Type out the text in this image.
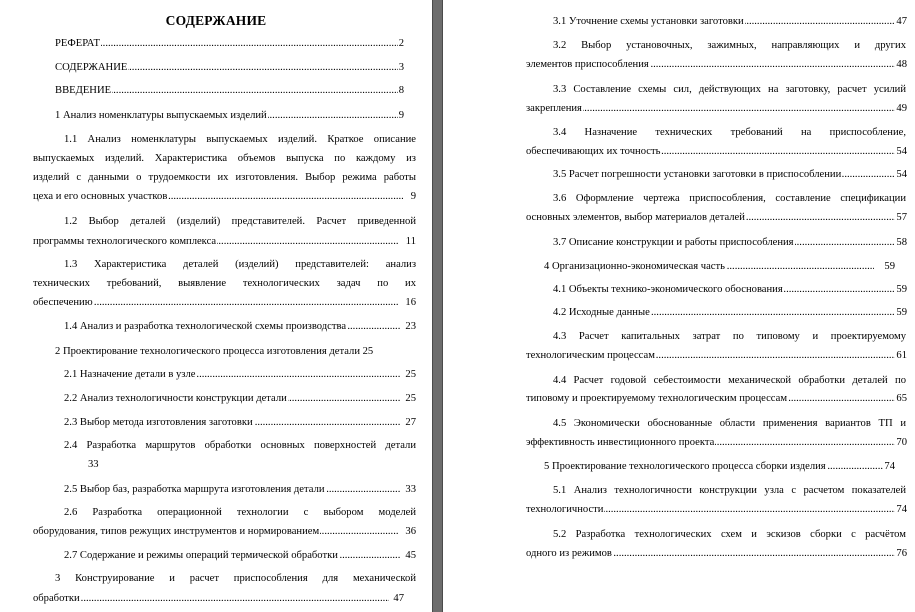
СОДЕРЖАНИЕ
.....
РЕФЕРАТ	2
.....
СОДЕРЖАНИЕ	3
.....
ВВЕДЕНИЕ	8
.....
1 Анализ номенклатуры выпускаемых изделий	9
1.1 Анализ номенклатуры выпускаемых изделий. Краткое описание
выпускаемых изделий. Характеристика объемов выпуска по каждому из
изделий с данными о трудоемкости их изготовления. Выбор режима работы
.....
цеха и его основных участков	9
1.2 Выбор деталей (изделий) представителей. Расчет приведенной
.....
программы технологического комплекса	11
1.3 Характеристика деталей (изделий) представителей: анализ
технических требований, выявление технологических задач по их
.....
обеспечению	16
.....
1.4 Анализ и разработка технологической схемы производства	23
2 Проектирование технологического процесса изготовления детали 25
.....
2.1 Назначение детали в узле	25
.....
2.2 Анализ технологичности конструкции детали	25
.....
2.3 Выбор метода изготовления заготовки	27
2.4 Разработка маршрутов обработки основных поверхностей детали
33
.....
2.5 Выбор баз, разработка маршрута изготовления детали	33
2.6 Разработка операционной технологии с выбором моделей
.....
оборудования, типов режущих инструментов и нормированием	36
.....
2.7 Содержание и режимы операций термической обработки	45
3 Конструирование и расчет приспособления для механической
.....
обработки	47
.....
3.1 Уточнение схемы установки заготовки	47
3.2 Выбор установочных, зажимных, направляющих и других
.....
элементов приспособления	48
3.3 Составление схемы сил, действующих на заготовку, расчет усилий
.....
закрепления	49
3.4 Назначение технических требований на приспособление,
.....
обеспечивающих их точность	54
.....
3.5 Расчет погрешности установки заготовки в приспособлении	54
3.6 Оформление чертежа приспособления, составление спецификации
.....
основных элементов, выбор материалов деталей	57
.....
3.7 Описание конструкции и работы приспособления	58
.....
4 Организационно-экономическая часть	59
.....
4.1 Объекты технико-экономического обоснования	59
.....
4.2 Исходные данные	59
4.3 Расчет капитальных затрат по типовому и проектируемому
.....
технологическим процессам	61
4.4 Расчет годовой себестоимости механической обработки деталей по
.....
типовому и проектируемому технологическим процессам	65
4.5 Экономически обоснованные области применения вариантов ТП и
.....
эффективность инвестиционного проекта	70
.....
5 Проектирование технологического процесса сборки изделия	74
5.1 Анализ технологичности конструкции узла с расчетом показателей
.....
технологичности	74
5.2 Разработка технологических схем и эскизов сборки с расчётом
.....
одного из режимов	76
